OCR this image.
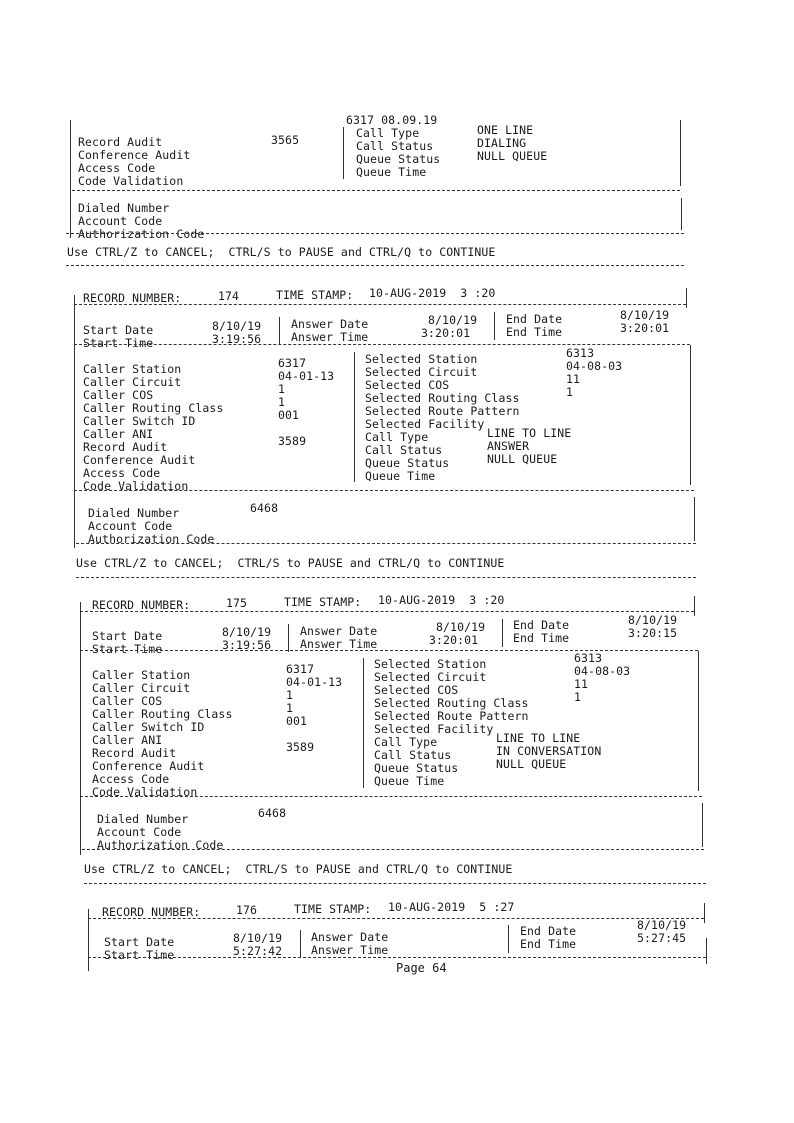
6317 08.09.19
Record Audit	3565
Conference Audit
Access Code
Code Validation
Call Type	ONE LINE
Call Status	DIALING
Queue Status	NULL QUEUE
Queue Time
Dialed Number
Account Code
Authorization Code
Use CTRL/Z to CANCEL;  CTRL/S to PAUSE and CTRL/Q to CONTINUE
RECORD NUMBER:	174	TIME STAMP: 10-AUG-2019  3 :20
Start Date	8/10/19
Start Time	3:19:56
Answer Date	8/10/19
Answer Time	3:20:01
End Date	8/10/19
End Time	3:20:01
Caller Station	6317
Caller Circuit	04-01-13
Caller COS	1
Caller Routing Class	1
Caller Switch ID	001
Caller ANI
Record Audit	3589
Conference Audit
Access Code
Code Validation
Selected Station	6313
Selected Circuit	04-08-03
Selected COS	11
Selected Routing Class	1
Selected Route Pattern
Selected Facility
Call Type	LINE TO LINE
Call Status	ANSWER
Queue Status	NULL QUEUE
Queue Time
Dialed Number	6468
Account Code
Authorization Code
Use CTRL/Z to CANCEL;  CTRL/S to PAUSE and CTRL/Q to CONTINUE
RECORD NUMBER:	175	TIME STAMP: 10-AUG-2019  3 :20
Start Date	8/10/19
Start Time	3:19:56
Answer Date	8/10/19
Answer Time	3:20:01
End Date	8/10/19
End Time	3:20:15
Caller Station	6317
Caller Circuit	04-01-13
Caller COS	1
Caller Routing Class	1
Caller Switch ID	001
Caller ANI
Record Audit	3589
Conference Audit
Access Code
Code Validation
Selected Station	6313
Selected Circuit	04-08-03
Selected COS	11
Selected Routing Class	1
Selected Route Pattern
Selected Facility
Call Type	LINE TO LINE
Call Status	IN CONVERSATION
Queue Status	NULL QUEUE
Queue Time
Dialed Number	6468
Account Code
Authorization Code
Use CTRL/Z to CANCEL;  CTRL/S to PAUSE and CTRL/Q to CONTINUE
RECORD NUMBER:	176	TIME STAMP: 10-AUG-2019  5 :27
Start Date	8/10/19
Start Time	5:27:42
Answer Date
Answer Time
End Date	8/10/19
End Time	5:27:45
Page 64
